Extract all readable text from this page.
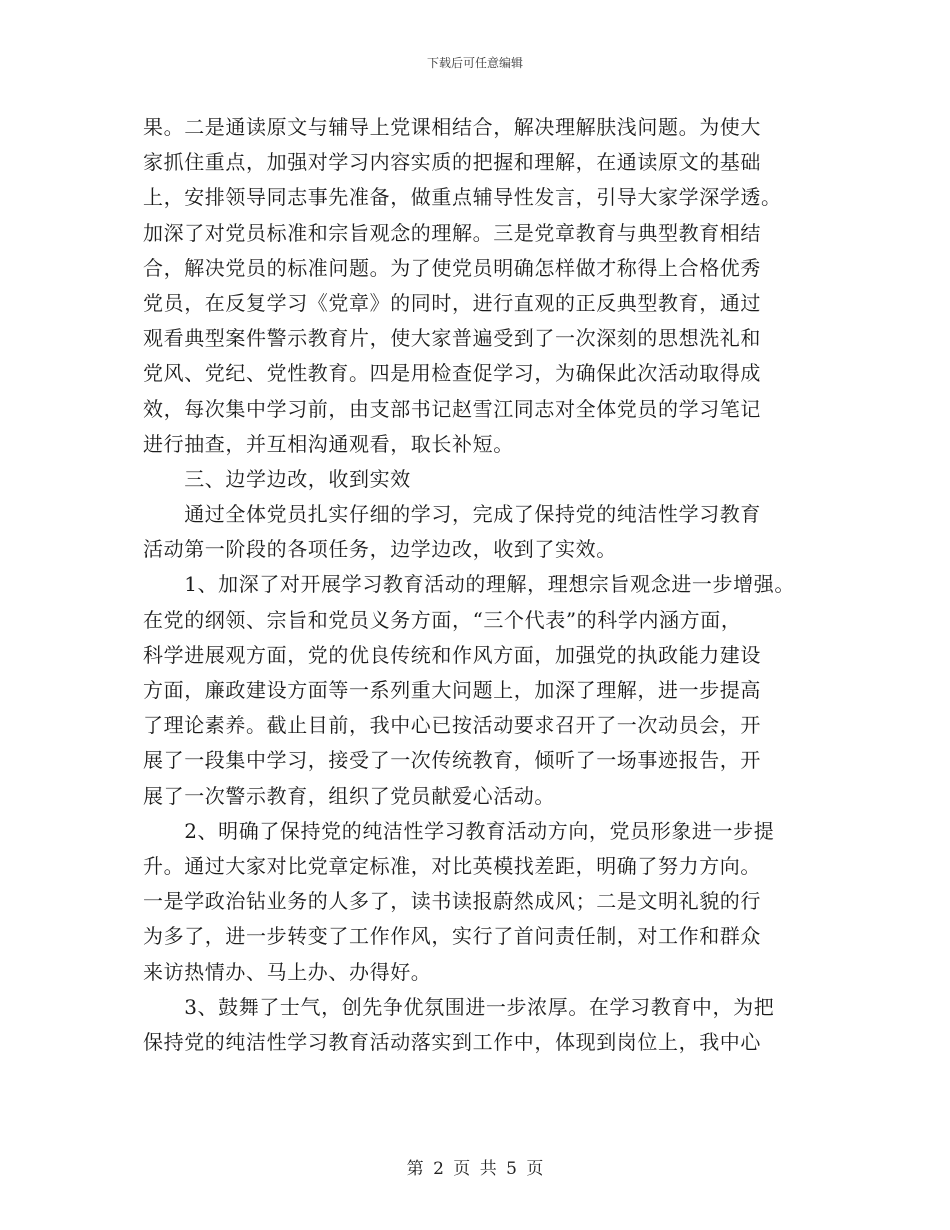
下载后可任意编辑
果。二是通读原文与辅导上党课相结合，解决理解肤浅问题。为使大
家抓住重点，加强对学习内容实质的把握和理解，在通读原文的基础
上，安排领导同志事先准备，做重点辅导性发言，引导大家学深学透。
加深了对党员标准和宗旨观念的理解。三是党章教育与典型教育相结
合，解决党员的标准问题。为了使党员明确怎样做才称得上合格优秀
党员，在反复学习《党章》的同时，进行直观的正反典型教育，通过
观看典型案件警示教育片，使大家普遍受到了一次深刻的思想洗礼和
党风、党纪、党性教育。四是用检查促学习，为确保此次活动取得成
效，每次集中学习前，由支部书记赵雪江同志对全体党员的学习笔记
进行抽查，并互相沟通观看，取长补短。
　　三、边学边改，收到实效
　　通过全体党员扎实仔细的学习，完成了保持党的纯洁性学习教育
活动第一阶段的各项任务，边学边改，收到了实效。
　　1、加深了对开展学习教育活动的理解，理想宗旨观念进一步增强。
在党的纲领、宗旨和党员义务方面，“三个代表”的科学内涵方面，
科学进展观方面，党的优良传统和作风方面，加强党的执政能力建设
方面，廉政建设方面等一系列重大问题上，加深了理解，进一步提高
了理论素养。截止目前，我中心已按活动要求召开了一次动员会，开
展了一段集中学习，接受了一次传统教育，倾听了一场事迹报告，开
展了一次警示教育，组织了党员献爱心活动。
　　2、明确了保持党的纯洁性学习教育活动方向，党员形象进一步提
升。通过大家对比党章定标准，对比英模找差距，明确了努力方向。
一是学政治钻业务的人多了，读书读报蔚然成风；二是文明礼貌的行
为多了，进一步转变了工作作风，实行了首问责任制，对工作和群众
来访热情办、马上办、办得好。
　　3、鼓舞了士气，创先争优氛围进一步浓厚。在学习教育中，为把
保持党的纯洁性学习教育活动落实到工作中，体现到岗位上，我中心
第 2 页 共 5 页
